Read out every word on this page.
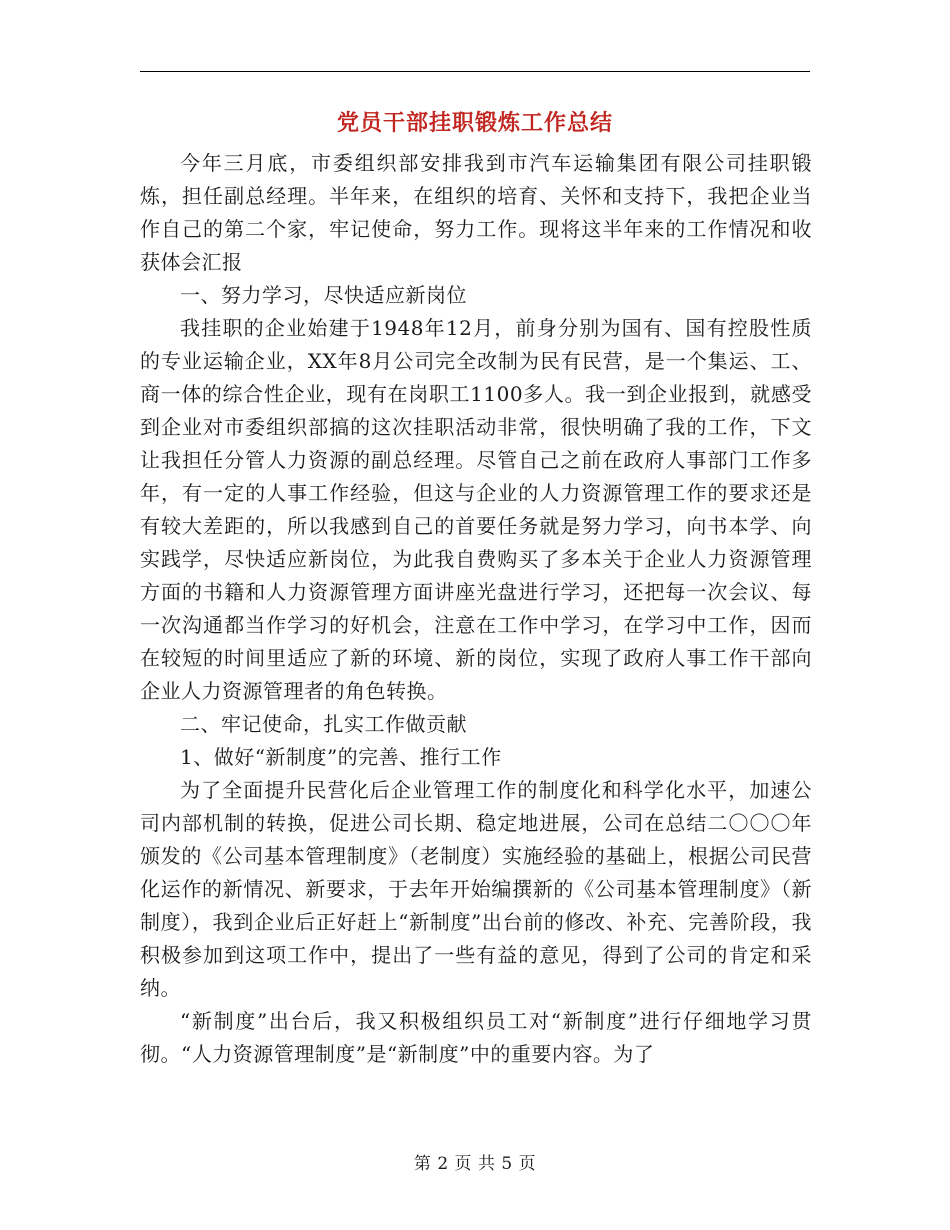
党员干部挂职锻炼工作总结

今年三月底，市委组织部安排我到市汽车运输集团有限公司挂职锻炼，担任副总经理。半年来，在组织的培育、关怀和支持下，我把企业当作自己的第二个家，牢记使命，努力工作。现将这半年来的工作情况和收获体会汇报

一、努力学习，尽快适应新岗位

我挂职的企业始建于1948年12月，前身分别为国有、国有控股性质的专业运输企业，XX年8月公司完全改制为民有民营，是一个集运、工、商一体的综合性企业，现有在岗职工1100多人。我一到企业报到，就感受到企业对市委组织部搞的这次挂职活动非常，很快明确了我的工作，下文让我担任分管人力资源的副总经理。尽管自己之前在政府人事部门工作多年，有一定的人事工作经验，但这与企业的人力资源管理工作的要求还是有较大差距的，所以我感到自己的首要任务就是努力学习，向书本学、向实践学，尽快适应新岗位，为此我自费购买了多本关于企业人力资源管理方面的书籍和人力资源管理方面讲座光盘进行学习，还把每一次会议、每一次沟通都当作学习的好机会，注意在工作中学习，在学习中工作，因而在较短的时间里适应了新的环境、新的岗位，实现了政府人事工作干部向企业人力资源管理者的角色转换。

二、牢记使命，扎实工作做贡献

1、做好“新制度”的完善、推行工作

为了全面提升民营化后企业管理工作的制度化和科学化水平，加速公司内部机制的转换，促进公司长期、稳定地进展，公司在总结二〇〇〇年颁发的《公司基本管理制度》（老制度）实施经验的基础上，根据公司民营化运作的新情况、新要求，于去年开始编撰新的《公司基本管理制度》（新制度），我到企业后正好赶上“新制度”出台前的修改、补充、完善阶段，我积极参加到这项工作中，提出了一些有益的意见，得到了公司的肯定和采纳。

“新制度”出台后，我又积极组织员工对“新制度”进行仔细地学习贯彻。“人力资源管理制度”是“新制度”中的重要内容。为了

第 2 页 共 5 页
